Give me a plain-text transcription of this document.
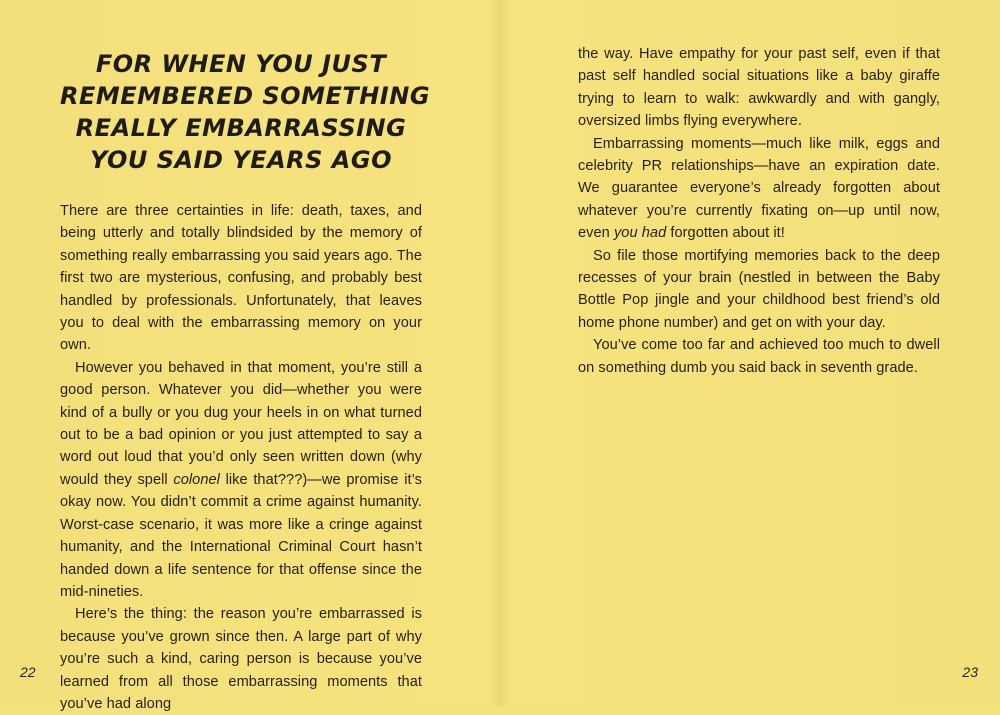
FOR WHEN YOU JUST
REMEMBERED SOMETHING
REALLY EMBARRASSING
YOU SAID YEARS AGO

There are three certainties in life: death, taxes, and being utterly and totally blindsided by the memory of something really embarrassing you said years ago. The first two are mysterious, confusing, and probably best handled by professionals. Unfortunately, that leaves you to deal with the embarrassing memory on your own.

However you behaved in that moment, you’re still a good person. Whatever you did—whether you were kind of a bully or you dug your heels in on what turned out to be a bad opinion or you just attempted to say a word out loud that you’d only seen written down (why would they spell colonel like that???)—we promise it’s okay now. You didn’t commit a crime against humanity. Worst-case scenario, it was more like a cringe against humanity, and the International Criminal Court hasn’t handed down a life sentence for that offense since the mid-nineties.

Here’s the thing: the reason you’re embarrassed is because you’ve grown since then. A large part of why you’re such a kind, caring person is because you’ve learned from all those embarrassing moments that you’ve had along

22

the way. Have empathy for your past self, even if that past self handled social situations like a baby giraffe trying to learn to walk: awkwardly and with gangly, oversized limbs flying everywhere.

Embarrassing moments—much like milk, eggs and celebrity PR relationships—have an expiration date. We guarantee everyone’s already forgotten about whatever you’re currently fixating on—up until now, even you had forgotten about it!

So file those mortifying memories back to the deep recesses of your brain (nestled in between the Baby Bottle Pop jingle and your childhood best friend’s old home phone number) and get on with your day.

You’ve come too far and achieved too much to dwell on something dumb you said back in seventh grade.

23
